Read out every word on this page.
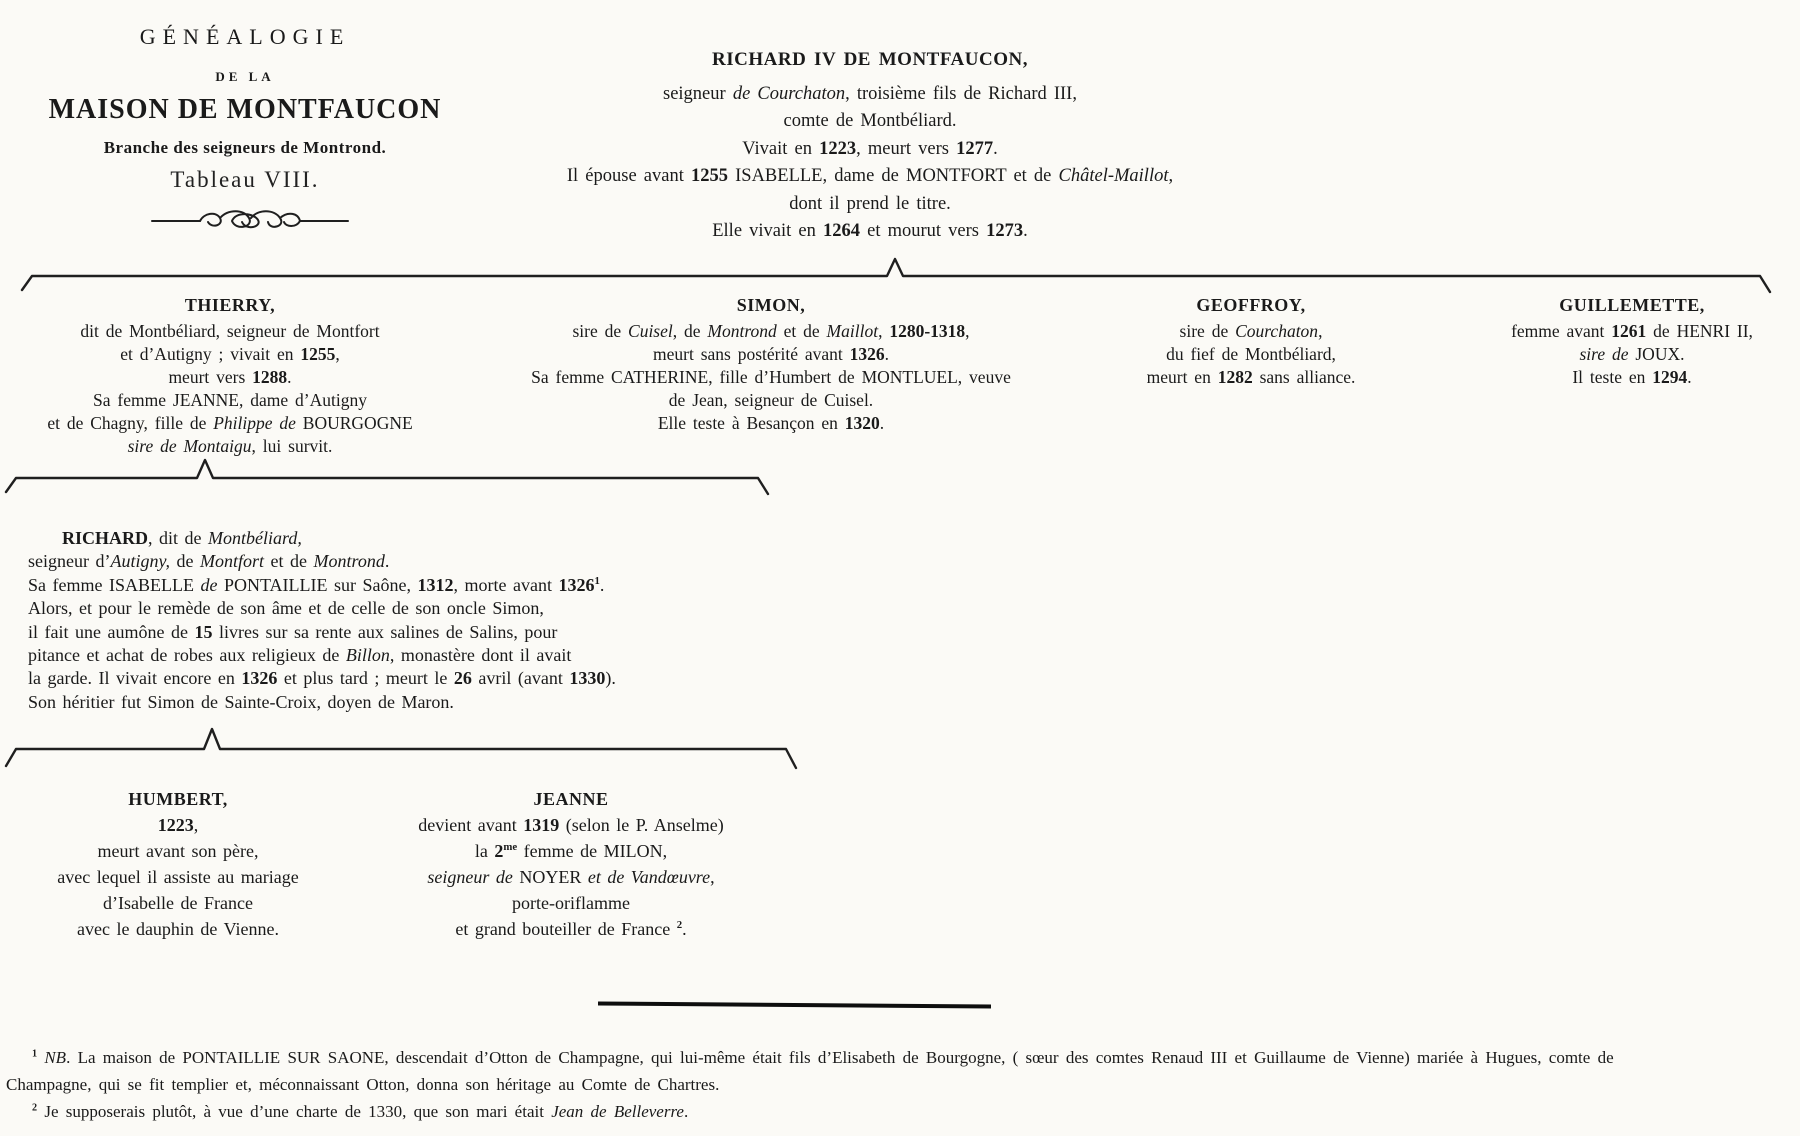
GÉNÉALOGIE
DE LA
MAISON DE MONTFAUCON
Branche des seigneurs de Montrond.
Tableau VIII.
RICHARD IV DE MONTFAUCON,
seigneur de Courchaton, troisième fils de Richard III,
comte de Montbéliard.
Vivait en 1223, meurt vers 1277.
Il épouse avant 1255 ISABELLE, dame de MONTFORT et de Châtel-Maillot,
dont il prend le titre.
Elle vivait en 1264 et mourut vers 1273.
THIERRY,
dit de Montbéliard, seigneur de Montfort
et d’Autigny ; vivait en 1255,
meurt vers 1288.
Sa femme JEANNE, dame d’Autigny
et de Chagny, fille de Philippe de BOURGOGNE
sire de Montaigu, lui survit.
SIMON,
sire de Cuisel, de Montrond et de Maillot, 1280-1318,
meurt sans postérité avant 1326.
Sa femme CATHERINE, fille d’Humbert de MONTLUEL, veuve
de Jean, seigneur de Cuisel.
Elle teste à Besançon en 1320.
GEOFFROY,
sire de Courchaton,
du fief de Montbéliard,
meurt en 1282 sans alliance.
GUILLEMETTE,
femme avant 1261 de HENRI II,
sire de JOUX.
Il teste en 1294.
RICHARD, dit de Montbéliard,
seigneur d’Autigny, de Montfort et de Montrond.
Sa femme ISABELLE de PONTAILLIE sur Saône, 1312, morte avant 1326$^1$.
Alors, et pour le remède de son âme et de celle de son oncle Simon,
il fait une aumône de 15 livres sur sa rente aux salines de Salins, pour
pitance et achat de robes aux religieux de Billon, monastère dont il avait
la garde. Il vivait encore en 1326 et plus tard ; meurt le 26 avril (avant 1330).
Son héritier fut Simon de Sainte-Croix, doyen de Maron.
HUMBERT,
1223,
meurt avant son père,
avec lequel il assiste au mariage
d’Isabelle de France
avec le dauphin de Vienne.
JEANNE
devient avant 1319 (selon le P. Anselme)
la $2^{me}$ femme de MILON,
seigneur de NOYER et de Vandœuvre,
porte-oriflamme
et grand bouteiller de France $^2$.
$^1$ NB. La maison de PONTAILLIE SUR SAONE, descendait d’Otton de Champagne, qui lui-même était fils d’Elisabeth de Bourgogne, ( sœur des comtes Renaud III et Guillaume de Vienne) mariée à Hugues, comte de
Champagne, qui se fit templier et, méconnaissant Otton, donna son héritage au Comte de Chartres.
$^2$ Je supposerais plutôt, à vue d’une charte de 1330, que son mari était Jean de Belleverre.
